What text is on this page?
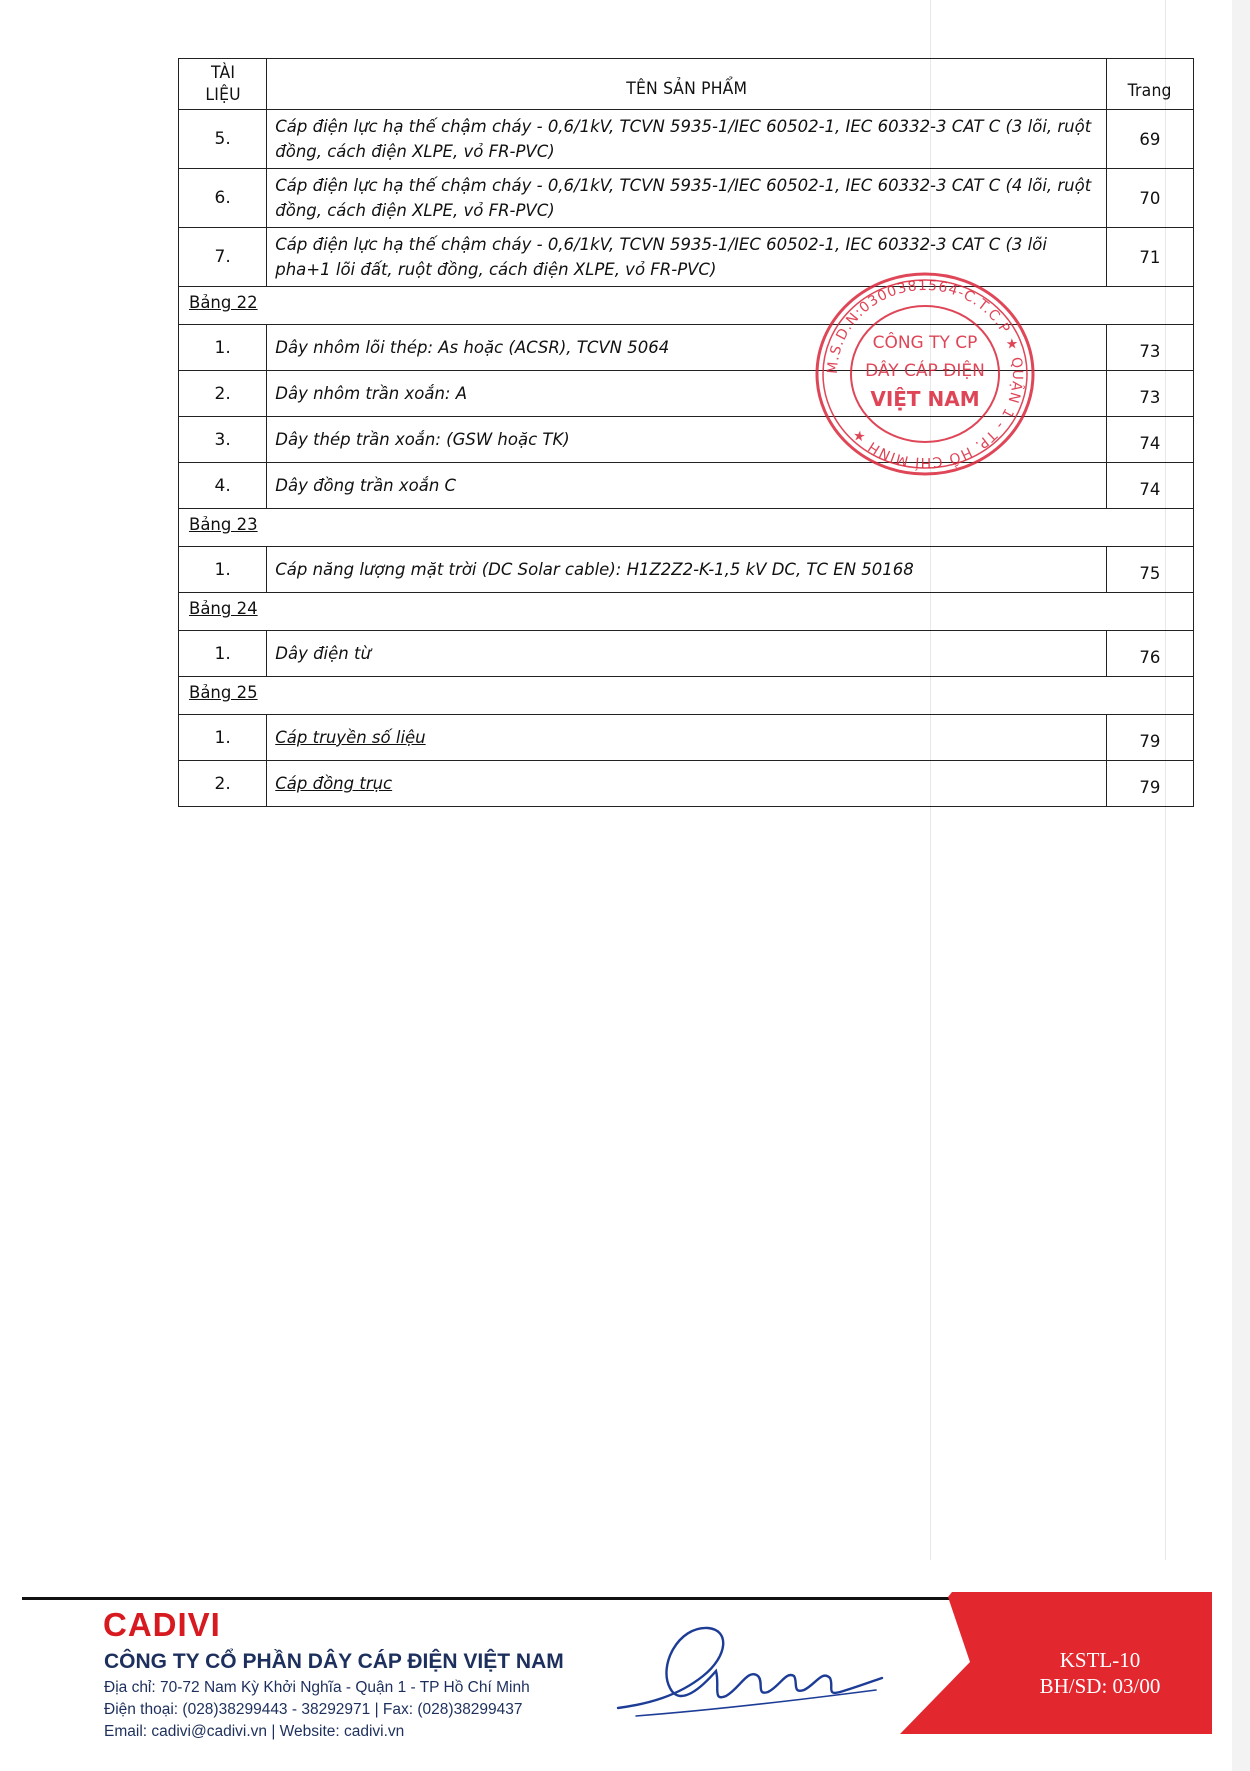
TÀI
LIỆU	TÊN SẢN PHẨM	Trang
5.	Cáp điện lực hạ thế chậm cháy - 0,6/1kV, TCVN 5935-1/IEC 60502-1, IEC 60332-3 CAT C (3 lõi, ruột
đồng, cách điện XLPE, vỏ FR-PVC)	69
6.	Cáp điện lực hạ thế chậm cháy - 0,6/1kV, TCVN 5935-1/IEC 60502-1, IEC 60332-3 CAT C (4 lõi, ruột
đồng, cách điện XLPE, vỏ FR-PVC)	70
7.	Cáp điện lực hạ thế chậm cháy - 0,6/1kV, TCVN 5935-1/IEC 60502-1, IEC 60332-3 CAT C (3 lõi
pha+1 lõi đất, ruột đồng, cách điện XLPE, vỏ FR-PVC)	71
Bảng 22		
1.	Dây nhôm lõi thép: As hoặc (ACSR), TCVN 5064	73
2.	Dây nhôm trần xoắn: A	73
3.	Dây thép trần xoắn: (GSW hoặc TK)	74
4.	Dây đồng trần xoắn C	74
Bảng 23		
1.	Cáp năng lượng mặt trời (DC Solar cable): H1Z2Z2-K-1,5 kV DC, TC EN 50168	75
Bảng 24		
1.	Dây điện từ	76
Bảng 25		
1.	Cáp truyền số liệu	79
2.	Cáp đồng trục	79
M.S.D.N:0300381564-C.T.C.P ★ QUẬN 1 - TP. HỒ CHÍ MINH ★
CÔNG TY CP
DÂY CÁP ĐIỆN
VIỆT NAM
CADIVI
CÔNG TY CỔ PHẦN DÂY CÁP ĐIỆN VIỆT NAM
Địa chỉ: 70-72 Nam Kỳ Khởi Nghĩa - Quận 1 - TP Hồ Chí Minh
Điện thoại: (028)38299443 - 38292971 | Fax: (028)38299437
Email: cadivi@cadivi.vn | Website: cadivi.vn
KSTL-10
BH/SD: 03/00
